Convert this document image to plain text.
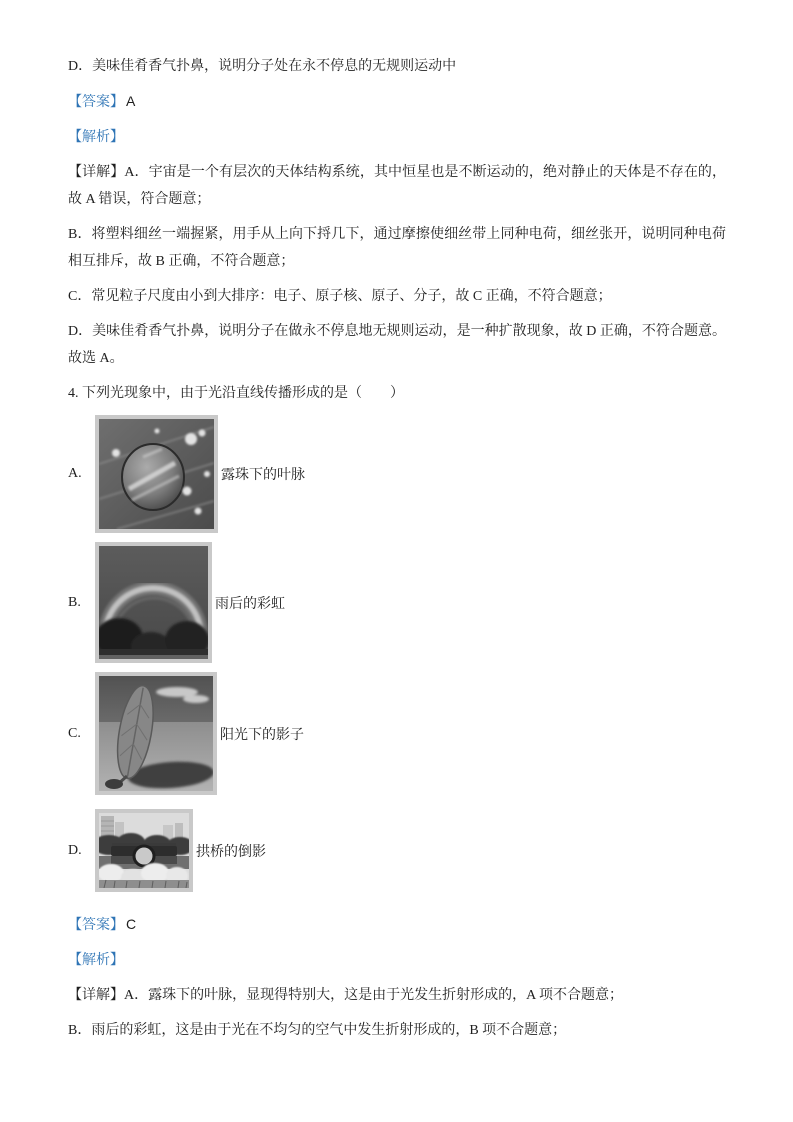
D．美味佳肴香气扑鼻，说明分子处在永不停息的无规则运动中

【答案】 A

【解析】

【详解】A．宇宙是一个有层次的天体结构系统，其中恒星也是不断运动的，绝对静止的天体是不存在的，故 A 错误，符合题意；

B．将塑料细丝一端握紧，用手从上向下捋几下，通过摩擦使细丝带上同种电荷，细丝张开，说明同种电荷相互排斥，故 B 正确，不符合题意；

C．常见粒子尺度由小到大排序：电子、原子核、原子、分子，故 C 正确，不符合题意；

D．美味佳肴香气扑鼻，说明分子在做永不停息地无规则运动，是一种扩散现象，故 D 正确，不符合题意。故选 A。

4. 下列光现象中，由于光沿直线传播形成的是（　　）

A.	露珠下的叶脉
B.	雨后的彩虹
C.	阳光下的影子
D.	拱桥的倒影

【答案】 C

【解析】

【详解】A．露珠下的叶脉，显现得特别大，这是由于光发生折射形成的，A 项不合题意；

B．雨后的彩虹，这是由于光在不均匀的空气中发生折射形成的，B 项不合题意；
